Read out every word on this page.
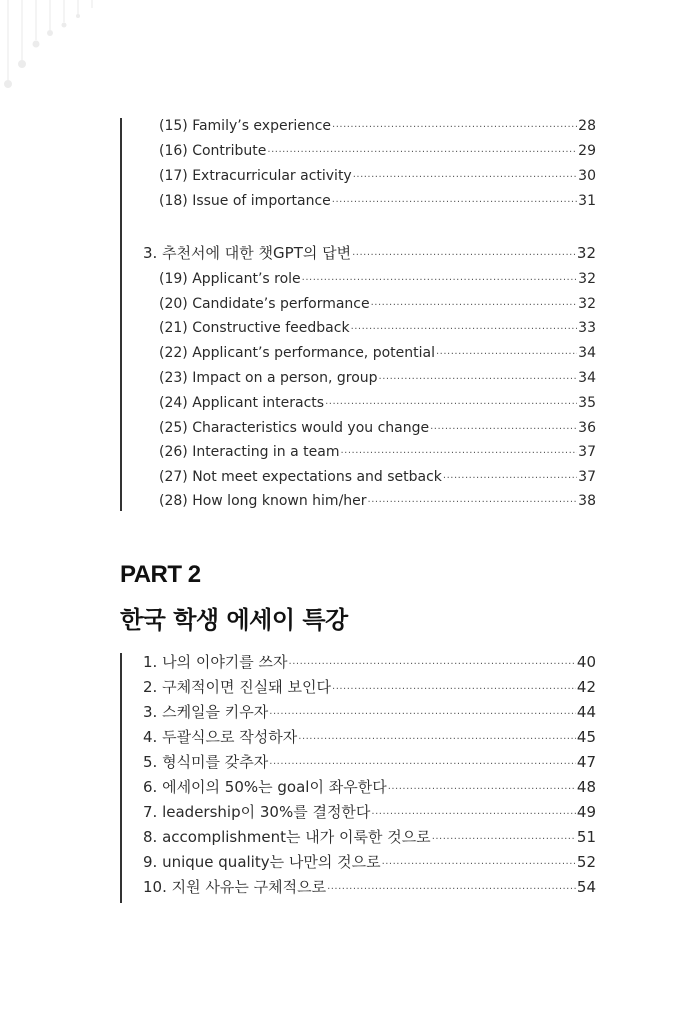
(15) Family’s experience ·····	28
(16) Contribute ·····	29
(17) Extracurricular activity ·····	30
(18) Issue of importance ·····	31
3. 추천서에 대한 챗GPT의 답변 ·····	32
(19) Applicant’s role ·····	32
(20) Candidate’s performance ·····	32
(21) Constructive feedback ·····	33
(22) Applicant’s performance, potential ·····	34
(23) Impact on a person, group ·····	34
(24) Applicant interacts ·····	35
(25) Characteristics would you change ·····	36
(26) Interacting in a team ·····	37
(27) Not meet expectations and setback ·····	37
(28) How long known him/her ·····	38
PART 2
한국 학생 에세이 특강
1. 나의 이야기를 쓰자 ·····	40
2. 구체적이면 진실돼 보인다 ·····	42
3. 스케일을 키우자 ·····	44
4. 두괄식으로 작성하자 ·····	45
5. 형식미를 갖추자 ·····	47
6. 에세이의 50%는 goal이 좌우한다 ·····	48
7. leadership이 30%를 결정한다 ·····	49
8. accomplishment는 내가 이룩한 것으로 ·····	51
9. unique quality는 나만의 것으로 ·····	52
10. 지원 사유는 구체적으로 ·····	54
